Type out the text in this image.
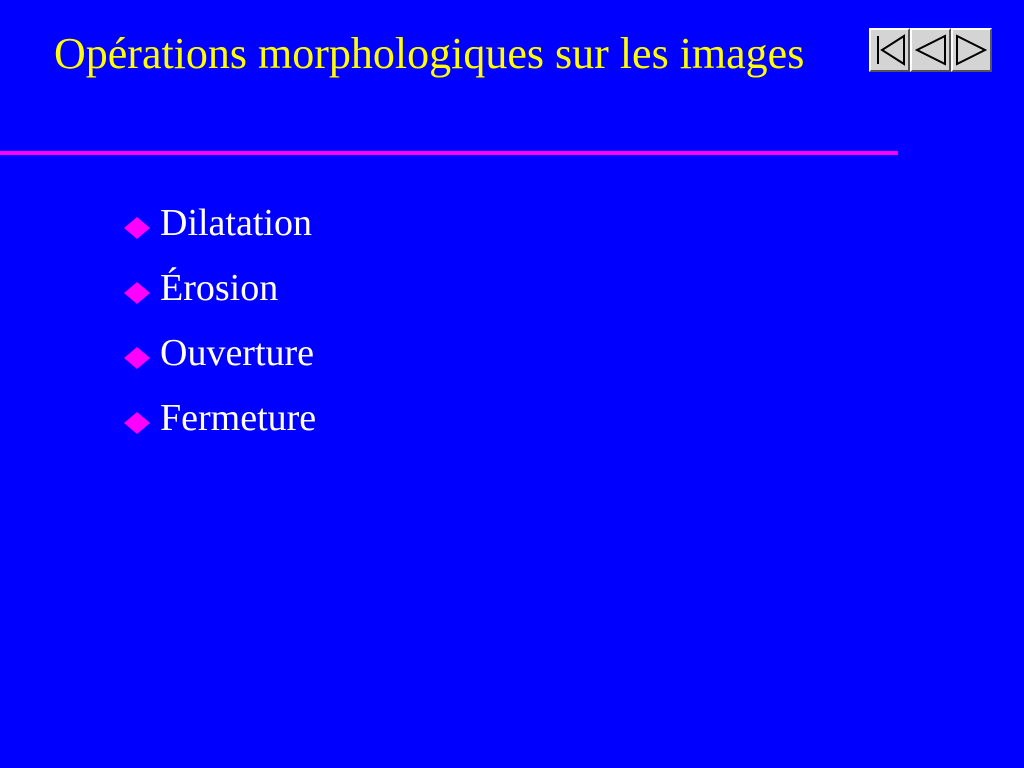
Opérations morphologiques sur les images
Dilatation
Érosion
Ouverture
Fermeture
